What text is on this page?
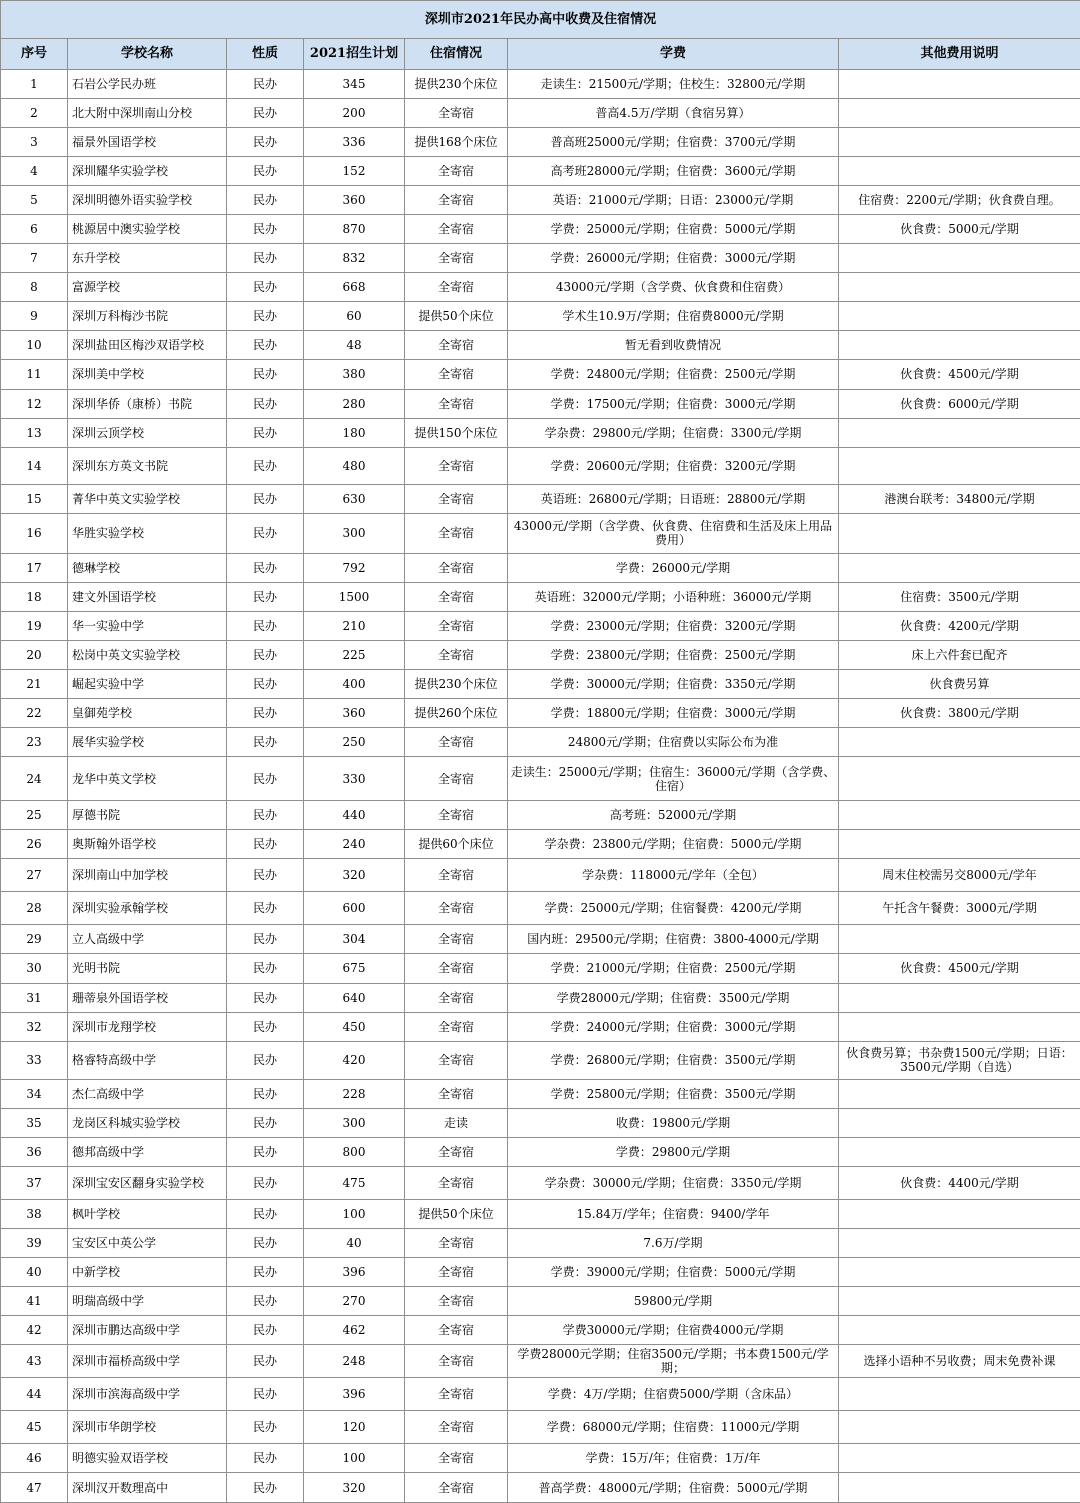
深圳市2021年民办高中收费及住宿情况						
序号	学校名称	性质	2021招生计划	住宿情况	学费	其他费用说明
1	石岩公学民办班	民办	345	提供230个床位	走读生：21500元/学期；住校生：32800元/学期	
2	北大附中深圳南山分校	民办	200	全寄宿	普高4.5万/学期（食宿另算）	
3	福景外国语学校	民办	336	提供168个床位	普高班25000元/学期；住宿费：3700元/学期	
4	深圳耀华实验学校	民办	152	全寄宿	高考班28000元/学期；住宿费：3600元/学期	
5	深圳明德外语实验学校	民办	360	全寄宿	英语：21000元/学期；日语：23000元/学期	住宿费：2200元/学期；伙食费自理。
6	桃源居中澳实验学校	民办	870	全寄宿	学费：25000元/学期；住宿费：5000元/学期	伙食费：5000元/学期
7	东升学校	民办	832	全寄宿	学费：26000元/学期；住宿费：3000元/学期	
8	富源学校	民办	668	全寄宿	43000元/学期（含学费、伙食费和住宿费）	
9	深圳万科梅沙书院	民办	60	提供50个床位	学术生10.9万/学期；住宿费8000元/学期	
10	深圳盐田区梅沙双语学校	民办	48	全寄宿	暂无看到收费情况	
11	深圳美中学校	民办	380	全寄宿	学费：24800元/学期；住宿费：2500元/学期	伙食费：4500元/学期
12	深圳华侨（康桥）书院	民办	280	全寄宿	学费：17500元/学期；住宿费：3000元/学期	伙食费：6000元/学期
13	深圳云顶学校	民办	180	提供150个床位	学杂费：29800元/学期；住宿费：3300元/学期	
14	深圳东方英文书院	民办	480	全寄宿	学费：20600元/学期；住宿费：3200元/学期	
15	菁华中英文实验学校	民办	630	全寄宿	英语班：26800元/学期；日语班：28800元/学期	港澳台联考：34800元/学期
16	华胜实验学校	民办	300	全寄宿	43000元/学期（含学费、伙食费、住宿费和生活及床上用品费用）	
17	德琳学校	民办	792	全寄宿	学费：26000元/学期	
18	建文外国语学校	民办	1500	全寄宿	英语班：32000元/学期；小语种班：36000元/学期	住宿费：3500元/学期
19	华一实验中学	民办	210	全寄宿	学费：23000元/学期；住宿费：3200元/学期	伙食费：4200元/学期
20	松岗中英文实验学校	民办	225	全寄宿	学费：23800元/学期；住宿费：2500元/学期	床上六件套已配齐
21	崛起实验中学	民办	400	提供230个床位	学费：30000元/学期；住宿费：3350元/学期	伙食费另算
22	皇御苑学校	民办	360	提供260个床位	学费：18800元/学期；住宿费：3000元/学期	伙食费：3800元/学期
23	展华实验学校	民办	250	全寄宿	24800元/学期；住宿费以实际公布为准	
24	龙华中英文学校	民办	330	全寄宿	走读生：25000元/学期；住宿生：36000元/学期（含学费、住宿）	
25	厚德书院	民办	440	全寄宿	高考班：52000元/学期	
26	奥斯翰外语学校	民办	240	提供60个床位	学杂费：23800元/学期；住宿费：5000元/学期	
27	深圳南山中加学校	民办	320	全寄宿	学杂费：118000元/学年（全包）	周末住校需另交8000元/学年
28	深圳实验承翰学校	民办	600	全寄宿	学费：25000元/学期；住宿餐费：4200元/学期	午托含午餐费：3000元/学期
29	立人高级中学	民办	304	全寄宿	国内班：29500元/学期；住宿费：3800-4000元/学期	
30	光明书院	民办	675	全寄宿	学费：21000元/学期；住宿费：2500元/学期	伙食费：4500元/学期
31	珊蒂泉外国语学校	民办	640	全寄宿	学费28000元/学期；住宿费：3500元/学期	
32	深圳市龙翔学校	民办	450	全寄宿	学费：24000元/学期；住宿费：3000元/学期	
33	格睿特高级中学	民办	420	全寄宿	学费：26800元/学期；住宿费：3500元/学期	伙食费另算；书杂费1500元/学期；日语：3500元/学期（自选）
34	杰仁高级中学	民办	228	全寄宿	学费：25800元/学期；住宿费：3500元/学期	
35	龙岗区科城实验学校	民办	300	走读	收费：19800元/学期	
36	德邦高级中学	民办	800	全寄宿	学费：29800元/学期	
37	深圳宝安区翻身实验学校	民办	475	全寄宿	学杂费：30000元/学期；住宿费：3350元/学期	伙食费：4400元/学期
38	枫叶学校	民办	100	提供50个床位	15.84万/学年；住宿费：9400/学年	
39	宝安区中英公学	民办	40	全寄宿	7.6万/学期	
40	中新学校	民办	396	全寄宿	学费：39000元/学期；住宿费：5000元/学期	
41	明瑞高级中学	民办	270	全寄宿	59800元/学期	
42	深圳市鹏达高级中学	民办	462	全寄宿	学费30000元/学期；住宿费4000元/学期	
43	深圳市福桥高级中学	民办	248	全寄宿	学费28000元学期；住宿3500元/学期；书本费1500元/学期；	选择小语种不另收费；周末免费补课
44	深圳市滨海高级中学	民办	396	全寄宿	学费：4万/学期；住宿费5000/学期（含床品）	
45	深圳市华朗学校	民办	120	全寄宿	学费：68000元/学期；住宿费：11000元/学期	
46	明德实验双语学校	民办	100	全寄宿	学费：15万/年；住宿费：1万/年	
47	深圳汉开数理高中	民办	320	全寄宿	普高学费：48000元/学期；住宿费：5000元/学期	
